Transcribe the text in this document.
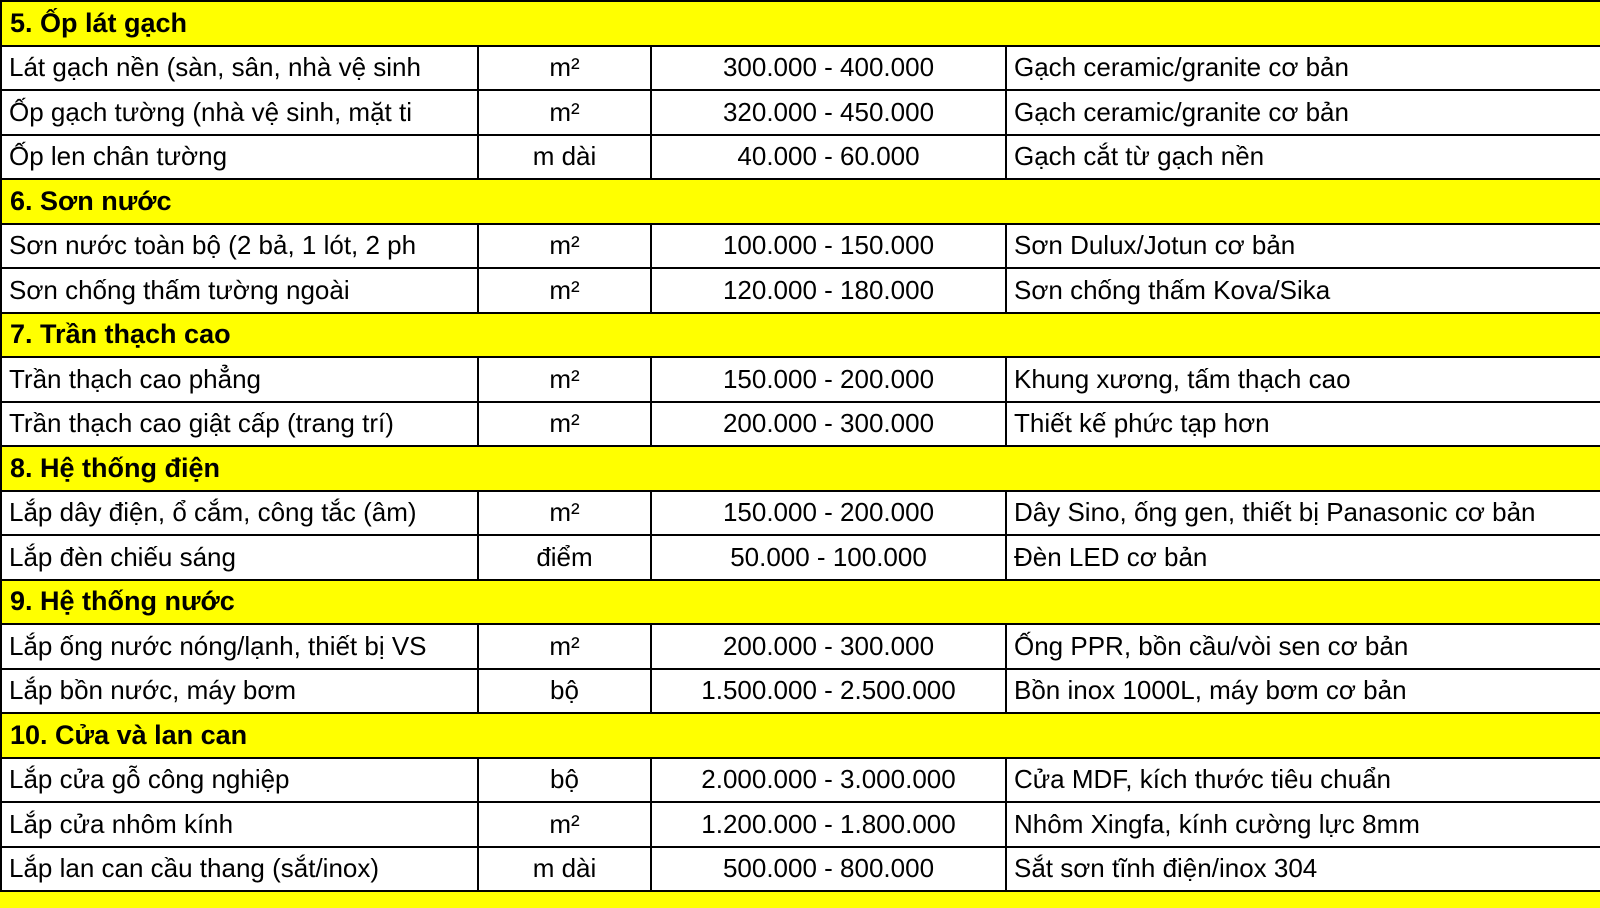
5. Ốp lát gạch
Lát gạch nền (sàn, sân, nhà vệ sinh	m²	300.000 - 400.000	Gạch ceramic/granite cơ bản
Ốp gạch tường (nhà vệ sinh, mặt ti	m²	320.000 - 450.000	Gạch ceramic/granite cơ bản
Ốp len chân tường	m dài	40.000 - 60.000	Gạch cắt từ gạch nền
6. Sơn nước
Sơn nước toàn bộ (2 bả, 1 lót, 2 ph	m²	100.000 - 150.000	Sơn Dulux/Jotun cơ bản
Sơn chống thấm tường ngoài	m²	120.000 - 180.000	Sơn chống thấm Kova/Sika
7. Trần thạch cao
Trần thạch cao phẳng	m²	150.000 - 200.000	Khung xương, tấm thạch cao
Trần thạch cao giật cấp (trang trí)	m²	200.000 - 300.000	Thiết kế phức tạp hơn
8. Hệ thống điện
Lắp dây điện, ổ cắm, công tắc (âm)	m²	150.000 - 200.000	Dây Sino, ống gen, thiết bị Panasonic cơ bản
Lắp đèn chiếu sáng	điểm	50.000 - 100.000	Đèn LED cơ bản
9. Hệ thống nước
Lắp ống nước nóng/lạnh, thiết bị VS	m²	200.000 - 300.000	Ống PPR, bồn cầu/vòi sen cơ bản
Lắp bồn nước, máy bơm	bộ	1.500.000 - 2.500.000	Bồn inox 1000L, máy bơm cơ bản
10. Cửa và lan can
Lắp cửa gỗ công nghiệp	bộ	2.000.000 - 3.000.000	Cửa MDF, kích thước tiêu chuẩn
Lắp cửa nhôm kính	m²	1.200.000 - 1.800.000	Nhôm Xingfa, kính cường lực 8mm
Lắp lan can cầu thang (sắt/inox)	m dài	500.000 - 800.000	Sắt sơn tĩnh điện/inox 304
